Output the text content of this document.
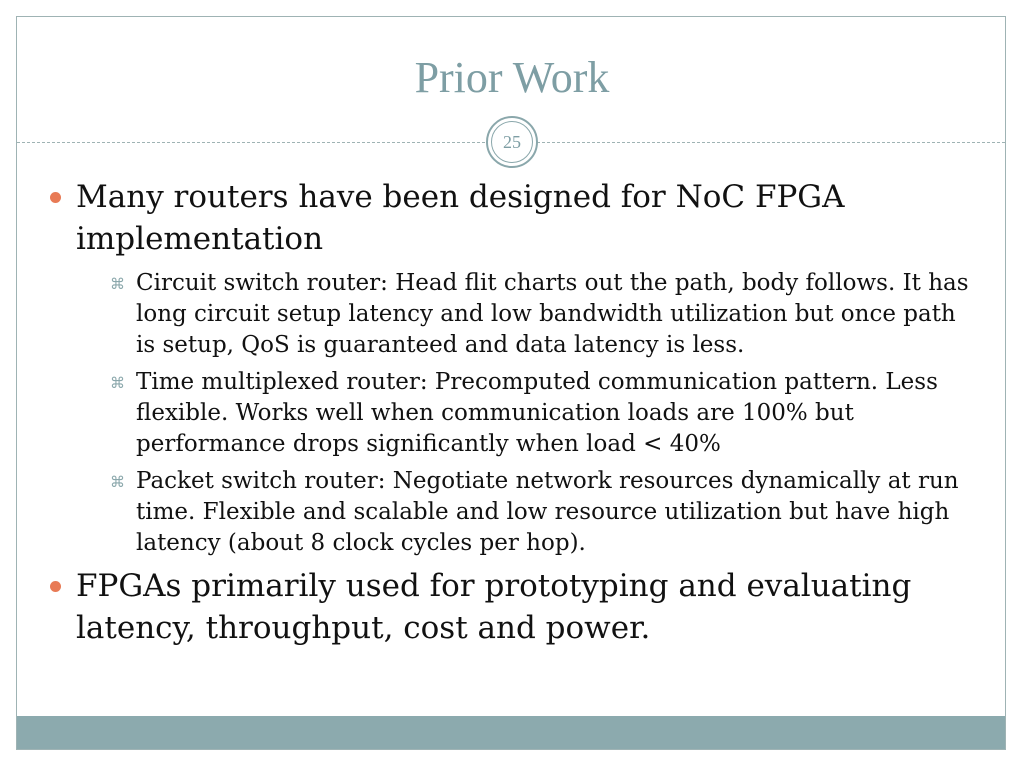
Prior Work
25
Many routers have been designed for NoC FPGA implementation
⌘ Circuit switch router: Head flit charts out the path, body follows. It has long circuit setup latency and low bandwidth utilization but once path is setup, QoS is guaranteed and data latency is less.
⌘ Time multiplexed router: Precomputed communication pattern. Less flexible. Works well when communication loads are 100% but performance drops significantly when load < 40%
⌘ Packet switch router: Negotiate network resources dynamically at run time. Flexible and scalable and low resource utilization but have high latency (about 8 clock cycles per hop).
FPGAs primarily used for prototyping and evaluating latency, throughput, cost and power.
